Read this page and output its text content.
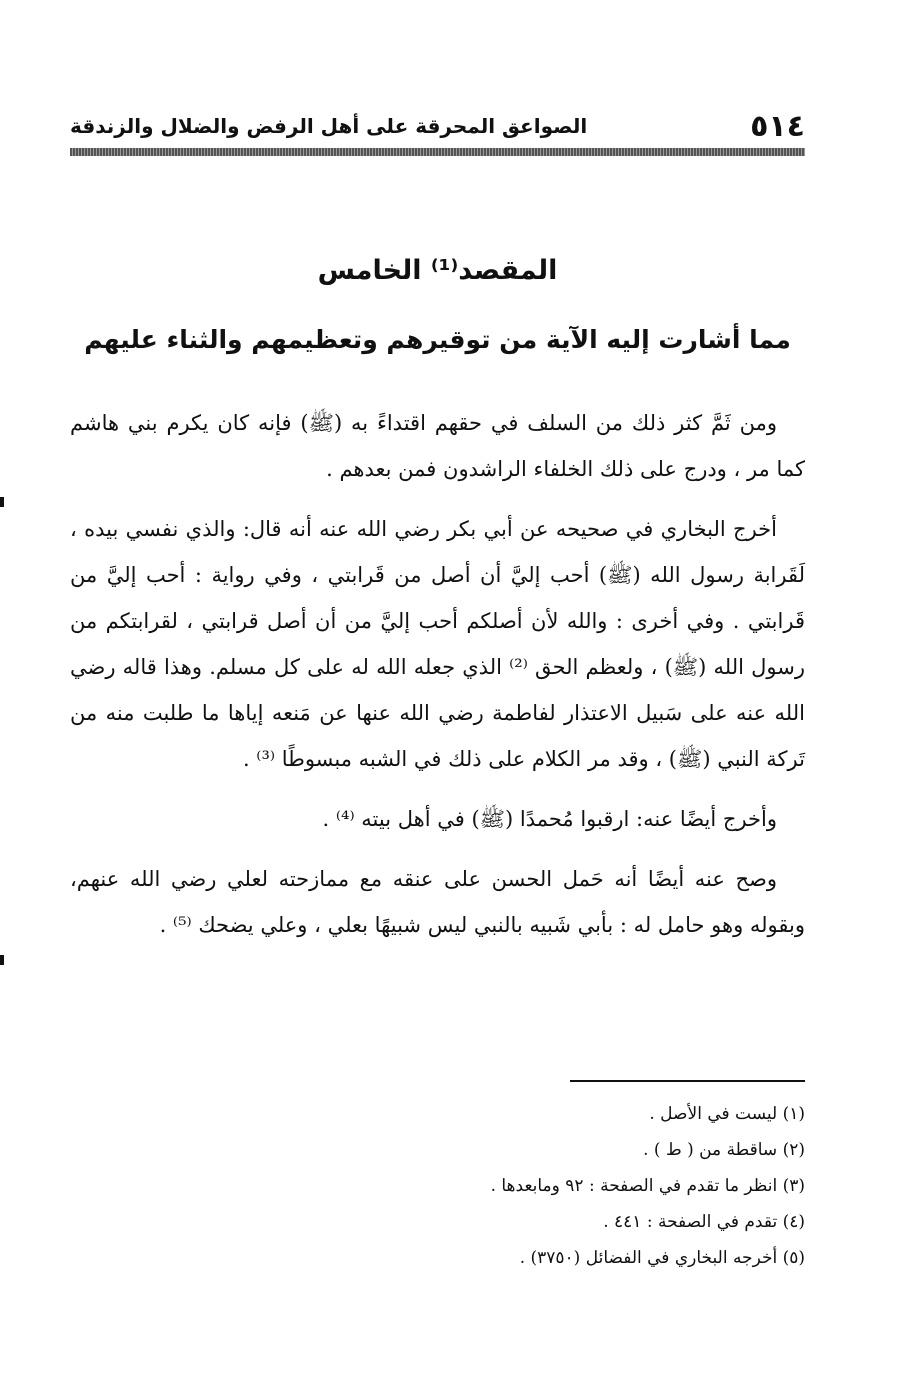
٥١٤
الصواعق المحرقة على أهل الرفض والضلال والزندقة
المقصد⁽¹⁾ الخامس
مما أشارت إليه الآية من توقيرهم وتعظيمهم والثناء عليهم

ومن ثَمَّ كثر ذلك من السلف في حقهم اقتداءً به (ﷺ) فإنه كان يكرم بني هاشم كما مر ، ودرج على ذلك الخلفاء الراشدون فمن بعدهم .

أخرج البخاري في صحيحه عن أبي بكر رضي الله عنه أنه قال: والذي نفسي بيده ، لَقَرابة رسول الله (ﷺ) أحب إليَّ أن أصل من قَرابتي ، وفي رواية : أحب إليَّ من قَرابتي . وفي أخرى : والله لأن أصلكم أحب إليَّ من أن أصل قرابتي ، لقرابتكم من رسول الله (ﷺ) ، ولعظم الحق ⁽²⁾ الذي جعله الله له على كل مسلم. وهذا قاله رضي الله عنه على سَبيل الاعتذار لفاطمة رضي الله عنها عن مَنعه إياها ما طلبت منه من تَركة النبي (ﷺ) ، وقد مر الكلام على ذلك في الشبه مبسوطًا ⁽³⁾ .

وأخرج أيضًا عنه: ارقبوا مُحمدًا (ﷺ) في أهل بيته ⁽⁴⁾ .

وصح عنه أيضًا أنه حَمل الحسن على عنقه مع ممازحته لعلي رضي الله عنهم، وبقوله وهو حامل له : بأبي شَبيه بالنبي ليس شبيهًا بعلي ، وعلي يضحك ⁽⁵⁾ .

(١) ليست في الأصل .
(٢) ساقطة من ( ط ) .
(٣) انظر ما تقدم في الصفحة : ٩٢ ومابعدها .
(٤) تقدم في الصفحة : ٤٤١ .
(٥) أخرجه البخاري في الفضائل (٣٧٥٠) .
